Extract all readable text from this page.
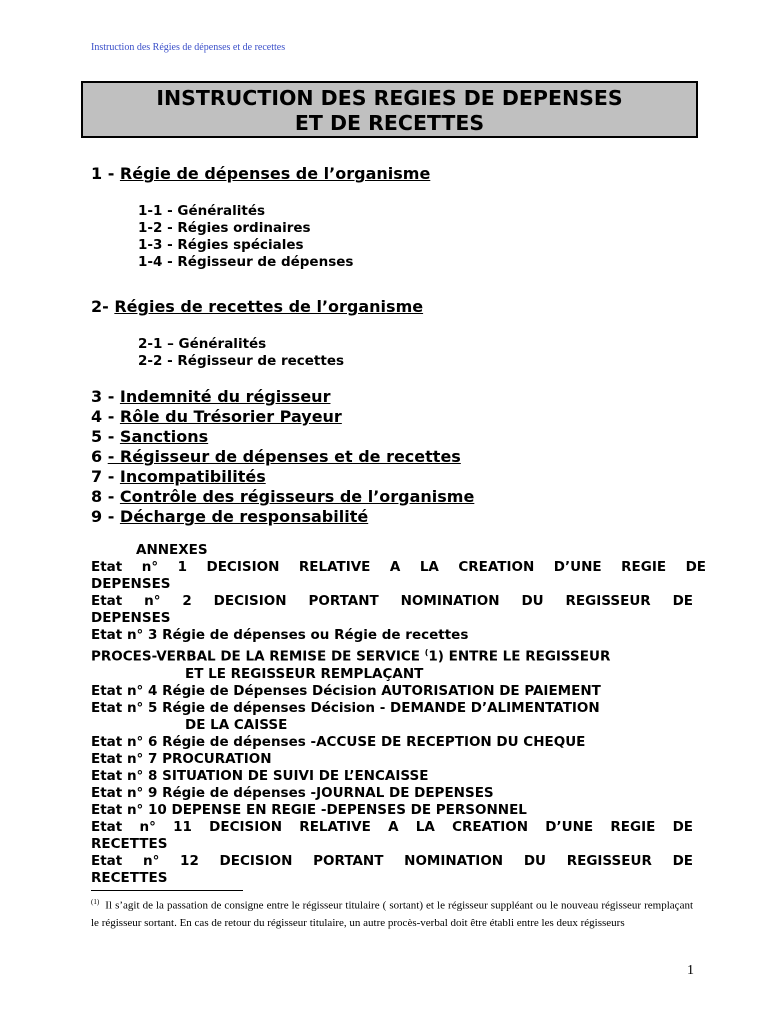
Instruction des Régies de dépenses et de recettes
INSTRUCTION DES REGIES DE DEPENSES
ET DE RECETTES
1 - Régie de dépenses de l’organisme
1-1 - Généralités
1-2 - Régies ordinaires
1-3 - Régies spéciales
1-4 - Régisseur de dépenses
2- Régies de recettes de l’organisme
2-1 – Généralités
2-2 - Régisseur de recettes
3 - Indemnité du régisseur
4 - Rôle du Trésorier Payeur
5 - Sanctions
6 - Régisseur de dépenses et de recettes
7 - Incompatibilités
8 - Contrôle des régisseurs de l’organisme
9 - Décharge de responsabilité
ANNEXES
Etat n° 1 DECISION RELATIVE A LA CREATION D’UNE REGIE DE
DEPENSES
Etat n° 2 DECISION PORTANT NOMINATION DU REGISSEUR DE
DEPENSES
Etat n° 3 Régie de dépenses ou Régie de recettes
PROCES-VERBAL DE LA REMISE DE SERVICE (1) ENTRE LE REGISSEUR
ET LE REGISSEUR REMPLAÇANT
Etat n° 4 Régie de Dépenses Décision AUTORISATION DE PAIEMENT
Etat n° 5 Régie de dépenses Décision - DEMANDE D’ALIMENTATION
DE LA CAISSE
Etat n° 6 Régie de dépenses -ACCUSE DE RECEPTION DU CHEQUE
Etat n° 7 PROCURATION
Etat n° 8 SITUATION DE SUIVI DE L’ENCAISSE
Etat n° 9 Régie de dépenses -JOURNAL DE DEPENSES
Etat n° 10 DEPENSE EN REGIE -DEPENSES DE PERSONNEL
Etat n° 11 DECISION RELATIVE A LA CREATION D’UNE REGIE DE
RECETTES
Etat n° 12 DECISION PORTANT NOMINATION DU REGISSEUR DE
RECETTES
$^{(1)}$ Il s’agit de la passation de consigne entre le régisseur titulaire ( sortant) et le régisseur suppléant ou le nouveau régisseur remplaçant le régisseur sortant. En cas de retour du régisseur titulaire, un autre procès-verbal doit être établi entre les deux régisseurs
1
